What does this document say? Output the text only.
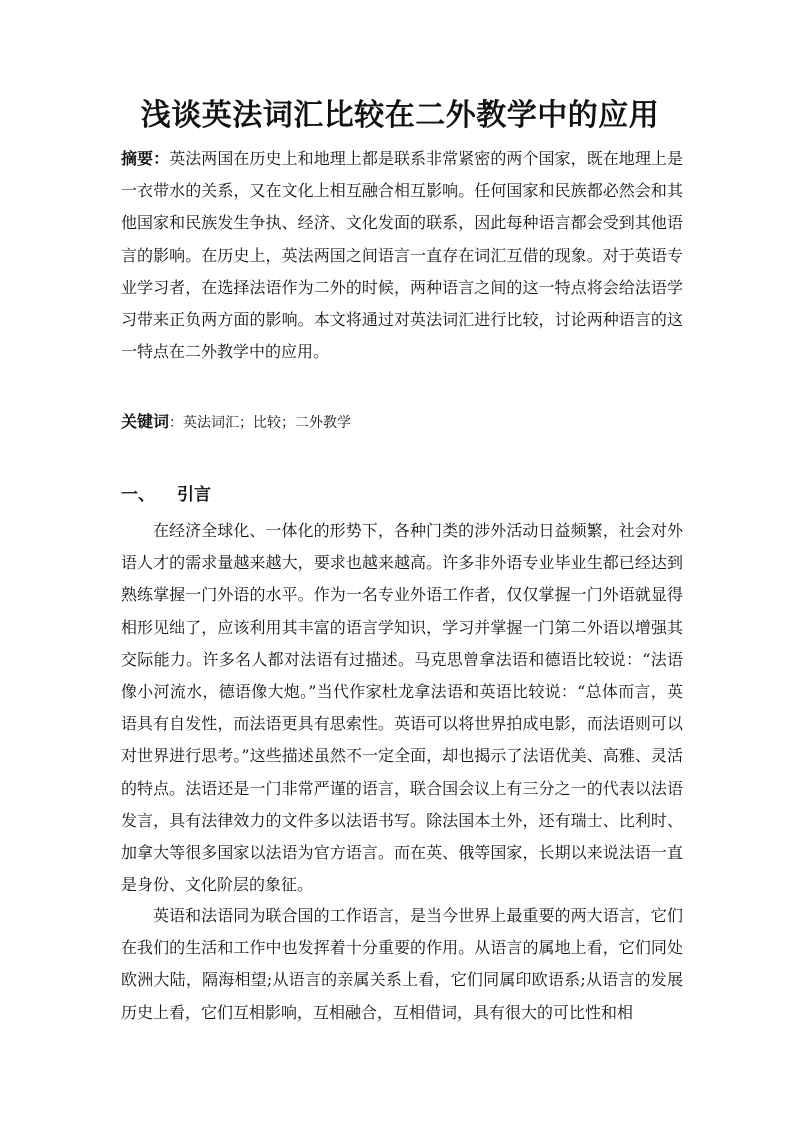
浅谈英法词汇比较在二外教学中的应用

摘要：英法两国在历史上和地理上都是联系非常紧密的两个国家，既在地理上是一衣带水的关系，又在文化上相互融合相互影响。任何国家和民族都必然会和其他国家和民族发生争执、经济、文化发面的联系，因此每种语言都会受到其他语言的影响。在历史上，英法两国之间语言一直存在词汇互借的现象。对于英语专业学习者，在选择法语作为二外的时候，两种语言之间的这一特点将会给法语学习带来正负两方面的影响。本文将通过对英法词汇进行比较，讨论两种语言的这一特点在二外教学中的应用。

关键词：英法词汇；比较；二外教学

一、 引言

在经济全球化、一体化的形势下，各种门类的涉外活动日益频繁，社会对外语人才的需求量越来越大，要求也越来越高。许多非外语专业毕业生都已经达到熟练掌握一门外语的水平。作为一名专业外语工作者，仅仅掌握一门外语就显得相形见绌了，应该利用其丰富的语言学知识，学习并掌握一门第二外语以增强其交际能力。许多名人都对法语有过描述。马克思曾拿法语和德语比较说：“法语像小河流水，德语像大炮。”当代作家杜龙拿法语和英语比较说：“总体而言，英语具有自发性，而法语更具有思索性。英语可以将世界拍成电影，而法语则可以对世界进行思考。”这些描述虽然不一定全面，却也揭示了法语优美、高雅、灵活的特点。法语还是一门非常严谨的语言，联合国会议上有三分之一的代表以法语发言，具有法律效力的文件多以法语书写。除法国本土外，还有瑞士、比利时、加拿大等很多国家以法语为官方语言。而在英、俄等国家，长期以来说法语一直是身份、文化阶层的象征。

英语和法语同为联合国的工作语言，是当今世界上最重要的两大语言，它们在我们的生活和工作中也发挥着十分重要的作用。从语言的属地上看，它们同处欧洲大陆，隔海相望;从语言的亲属关系上看，它们同属印欧语系;从语言的发展历史上看，它们互相影响，互相融合，互相借词，具有很大的可比性和相
